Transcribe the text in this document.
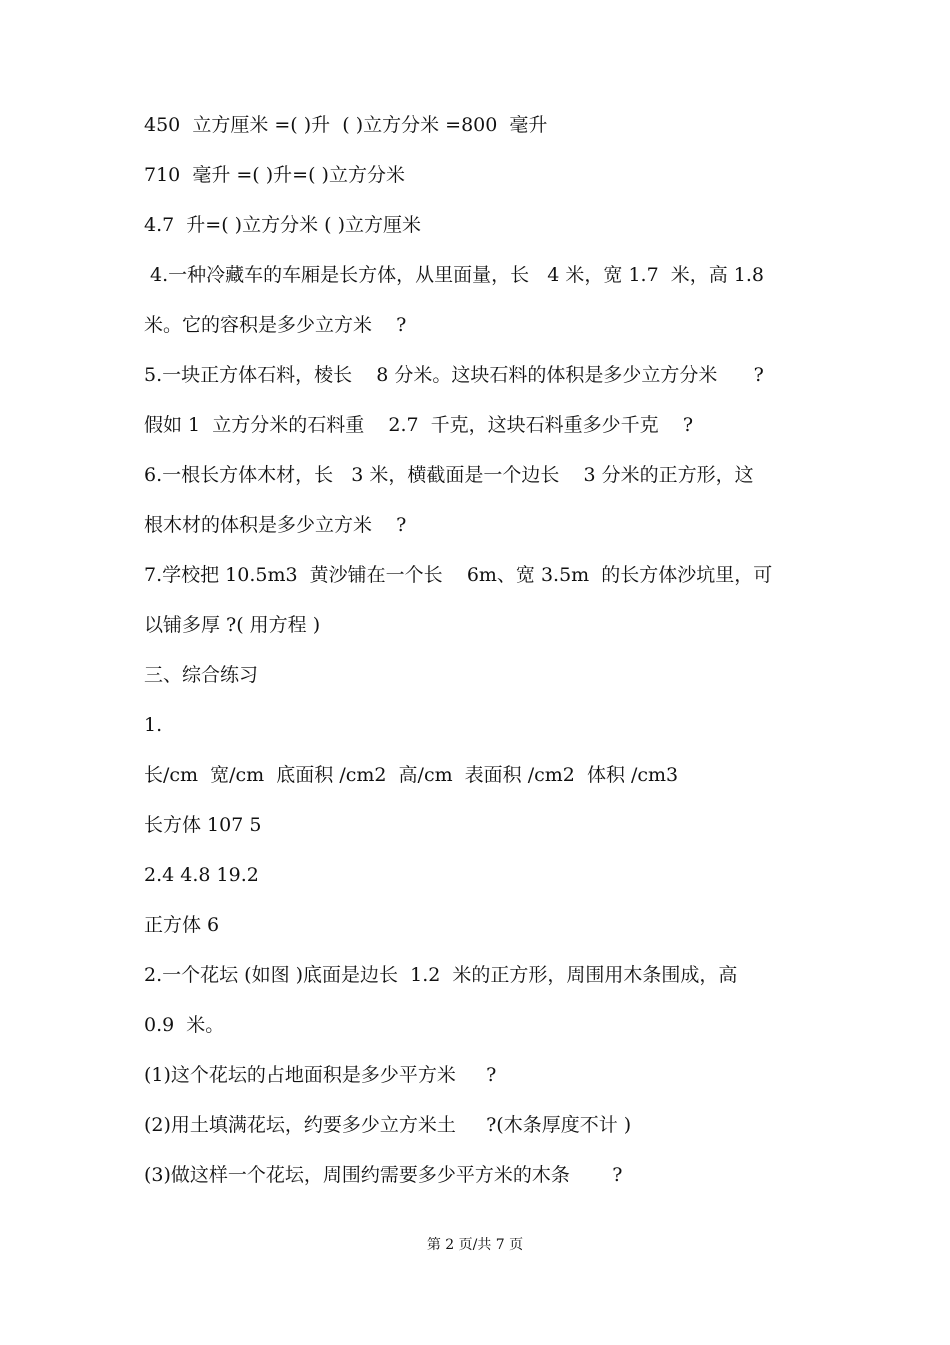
450  立方厘米 =( )升  ( )立方分米 =800  毫升
710  毫升 =( )升=( )立方分米
4.7  升=( )立方分米 ( )立方厘米
4.一种冷藏车的车厢是长方体，从里面量，长   4 米，宽 1.7  米，高 1.8
米。它的容积是多少立方米    ?
5.一块正方体石料，棱长    8 分米。这块石料的体积是多少立方分米      ?
假如 1  立方分米的石料重    2.7  千克，这块石料重多少千克    ?
6.一根长方体木材，长   3 米，横截面是一个边长    3 分米的正方形，这
根木材的体积是多少立方米    ?
7.学校把 10.5m3  黄沙铺在一个长    6m、宽 3.5m  的长方体沙坑里，可
以铺多厚 ?( 用方程 )
三、综合练习
1.
长/cm  宽/cm  底面积 /cm2  高/cm  表面积 /cm2  体积 /cm3
长方体 107 5
2.4 4.8 19.2
正方体 6
2.一个花坛 (如图 )底面是边长  1.2  米的正方形，周围用木条围成，高
0.9  米。
(1)这个花坛的占地面积是多少平方米     ?
(2)用土填满花坛，约要多少立方米土     ?(木条厚度不计 )
(3)做这样一个花坛，周围约需要多少平方米的木条       ?
第 2 页/共 7 页
